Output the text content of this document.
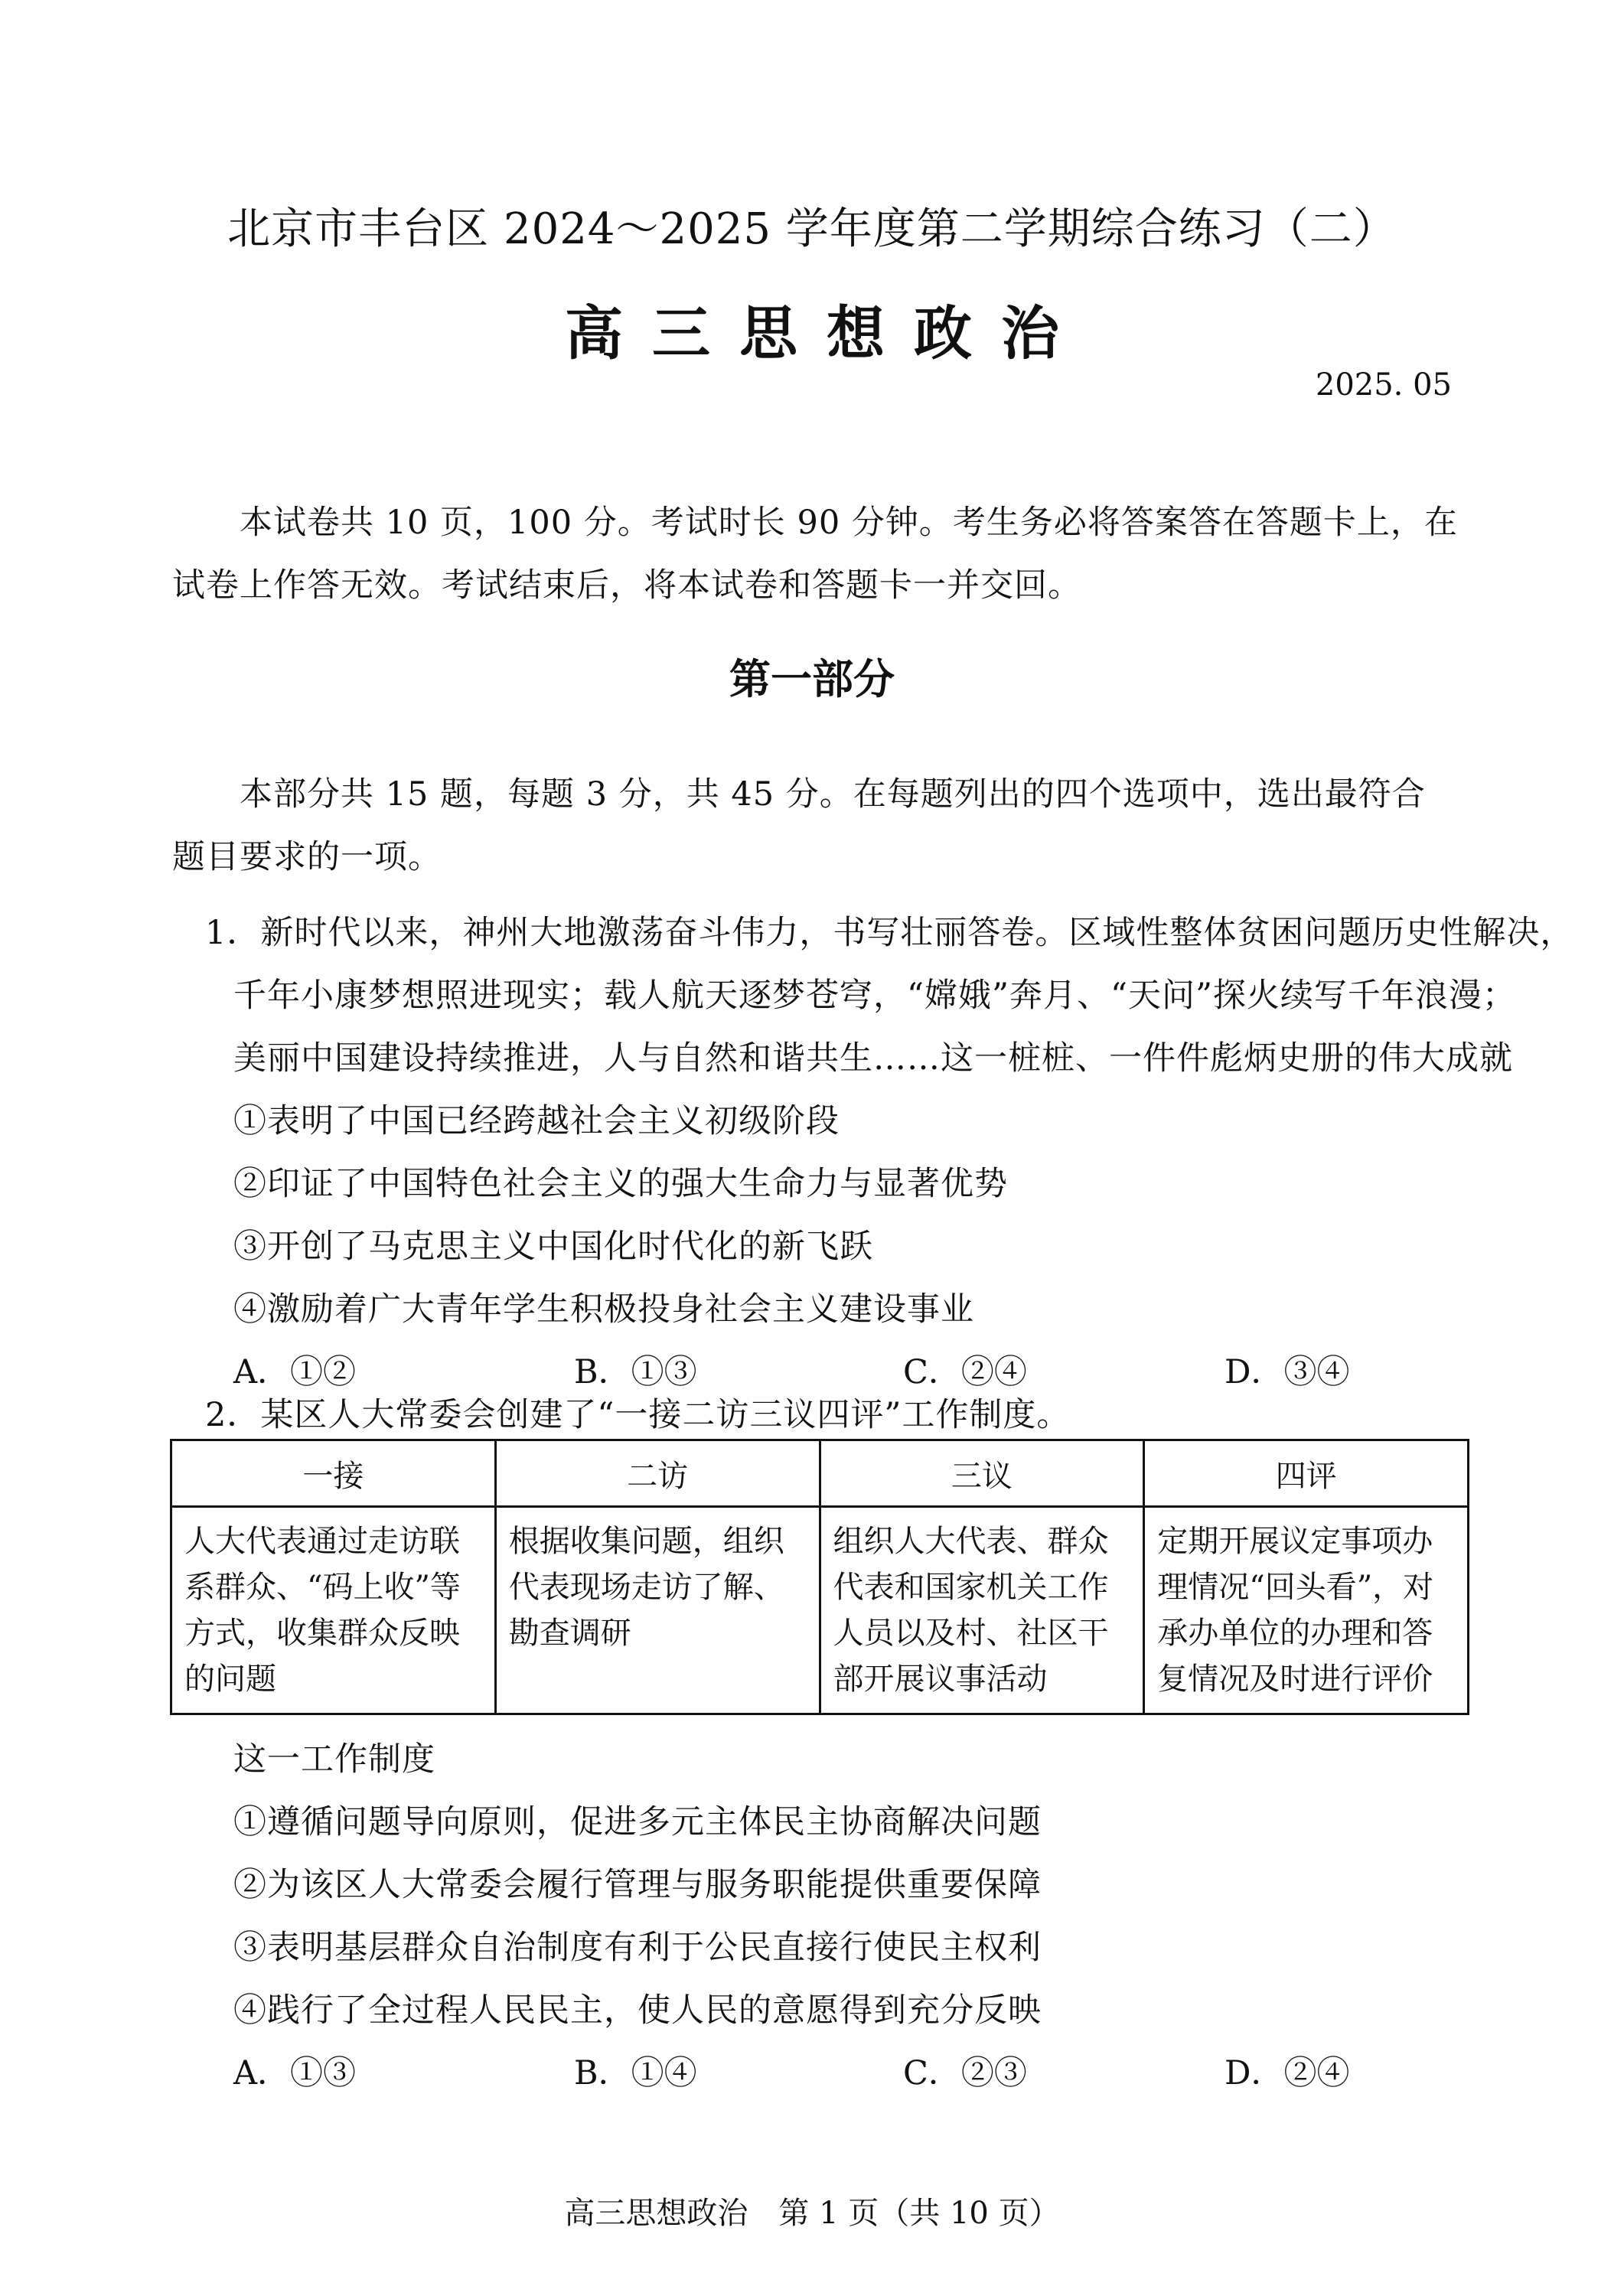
北京市丰台区 2024～2025 学年度第二学期综合练习（二）
高三思想政治
2025. 05
本试卷共 10 页，100 分。考试时长 90 分钟。考生务必将答案答在答题卡上，在试卷上作答无效。考试结束后，将本试卷和答题卡一并交回。
第一部分
本部分共 15 题，每题 3 分，共 45 分。在每题列出的四个选项中，选出最符合题目要求的一项。
1．新时代以来，神州大地激荡奋斗伟力，书写壮丽答卷。区域性整体贫困问题历史性解决，
千年小康梦想照进现实；载人航天逐梦苍穹，“嫦娥”奔月、“天问”探火续写千年浪漫；
美丽中国建设持续推进，人与自然和谐共生……这一桩桩、一件件彪炳史册的伟大成就
①表明了中国已经跨越社会主义初级阶段
②印证了中国特色社会主义的强大生命力与显著优势
③开创了马克思主义中国化时代化的新飞跃
④激励着广大青年学生积极投身社会主义建设事业
A．①②	B．①③	C．②④	D．③④
2．某区人大常委会创建了“一接二访三议四评”工作制度。
一接	二访	三议	四评
人大代表通过走访联系群众、“码上收”等方式，收集群众反映的问题	根据收集问题，组织代表现场走访了解、勘查调研	组织人大代表、群众代表和国家机关工作人员以及村、社区干部开展议事活动	定期开展议定事项办理情况“回头看”，对承办单位的办理和答复情况及时进行评价
这一工作制度
①遵循问题导向原则，促进多元主体民主协商解决问题
②为该区人大常委会履行管理与服务职能提供重要保障
③表明基层群众自治制度有利于公民直接行使民主权利
④践行了全过程人民民主，使人民的意愿得到充分反映
A．①③	B．①④	C．②③	D．②④
高三思想政治　第 1 页（共 10 页）
